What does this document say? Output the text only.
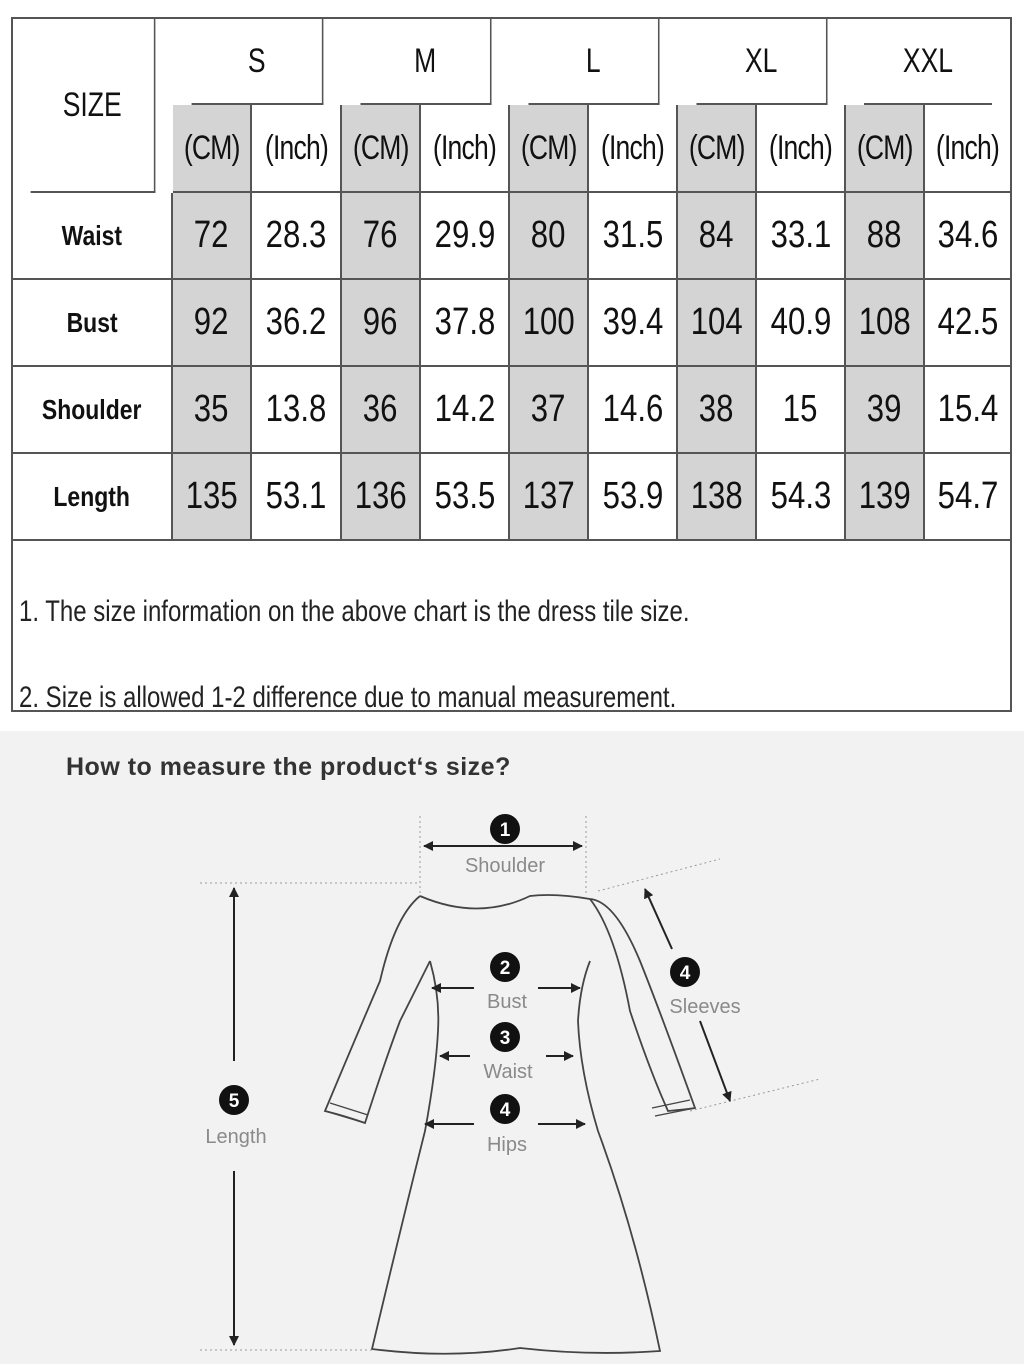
SIZE
S
(CM) (Inch)
M
(CM) (Inch)
L
(CM) (Inch)
XL
(CM) (Inch)
XXL
(CM) (Inch)
Waist 72 28.3 76 29.9 80 31.5 84 33.1 88 34.6
Bust 92 36.2 96 37.8 100 39.4 104 40.9 108 42.5
Shoulder 35 13.8 36 14.2 37 14.6 38 15 39 15.4
Length 135 53.1 136 53.5 137 53.9 138 54.3 139 54.7
1. The size information on the above chart is the dress tile size.
2. Size is allowed 1-2 difference due to manual measurement.
How to measure the product‘s size?
1
Shoulder
2
Bust
3
Waist
4
Hips
4
Sleeves
5
Length
